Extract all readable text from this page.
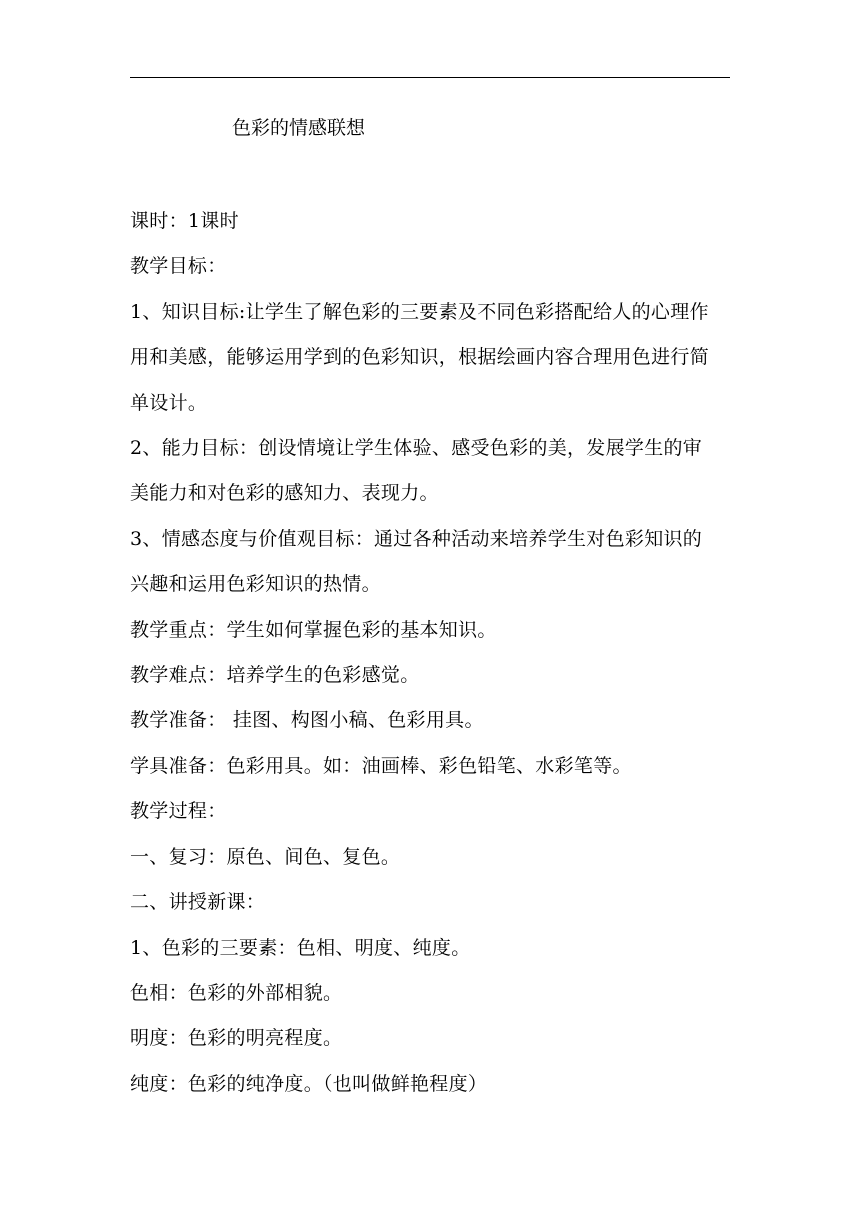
色彩的情感联想

课时：1课时

教学目标：

1、知识目标:让学生了解色彩的三要素及不同色彩搭配给人的心理作

用和美感，能够运用学到的色彩知识，根据绘画内容合理用色进行简

单设计。

2、能力目标：创设情境让学生体验、感受色彩的美，发展学生的审

美能力和对色彩的感知力、表现力。

3、情感态度与价值观目标：通过各种活动来培养学生对色彩知识的

兴趣和运用色彩知识的热情。

教学重点：学生如何掌握色彩的基本知识。

教学难点：培养学生的色彩感觉。

教学准备： 挂图、构图小稿、色彩用具。

学具准备：色彩用具。如：油画棒、彩色铅笔、水彩笔等。

教学过程：

一、复习：原色、间色、复色。

二、讲授新课：

1、色彩的三要素：色相、明度、纯度。

色相：色彩的外部相貌。

明度：色彩的明亮程度。

纯度：色彩的纯净度。（也叫做鲜艳程度）
